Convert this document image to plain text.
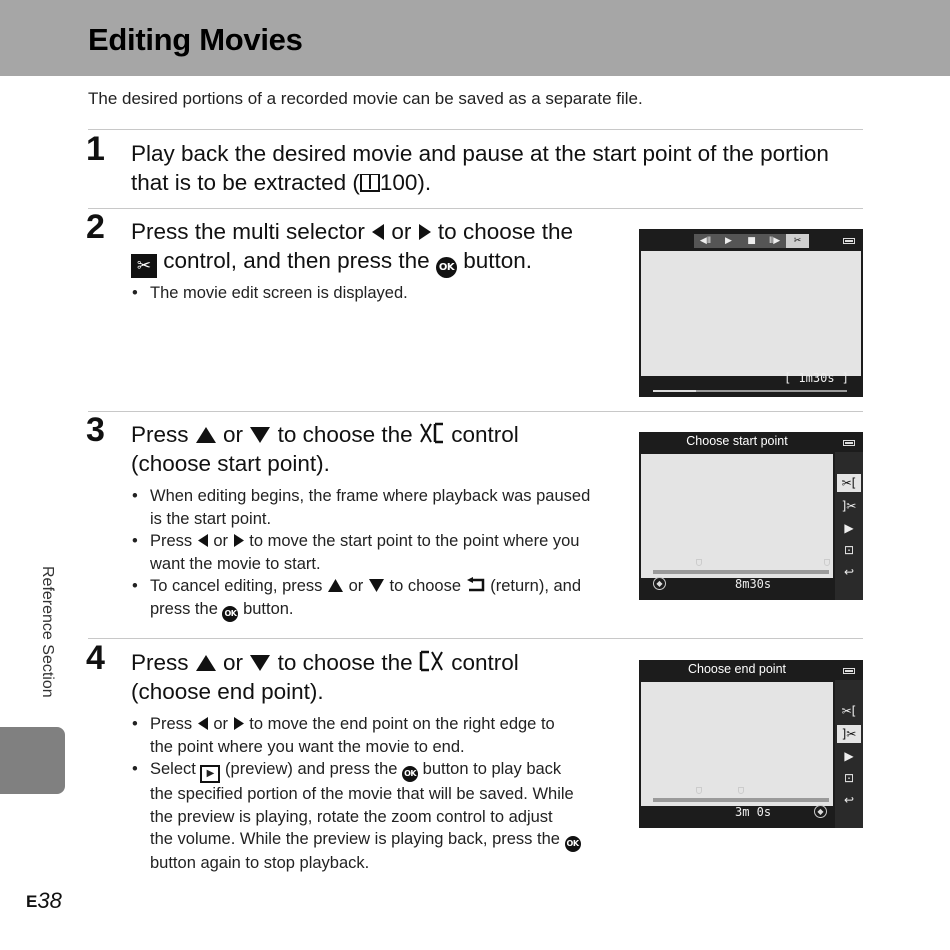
Editing Movies
The desired portions of a recorded movie can be saved as a separate file.
1 Play back the desired movie and pause at the start point of the portion
that is to be extracted ( 100).
2 Press the multi selector or to choose the
✂ control, and then press the OK button.
• The movie edit screen is displayed.
◀Ⅱ	▶	■	Ⅱ▶	✂
[ 1m30s ]
3 Press or to choose the control
(choose start point).
• When editing begins, the frame where playback was paused is the start point.
• Press or to move the start point to the point where you want the movie to start.
• To cancel editing, press or to choose (return), and
press the OK button.
Choose start point
✂[
]✂
▶
⊡
↩
◆	8m30s
4 Press or to choose the control
(choose end point).
• Press or to move the end point on the right edge to
the point where you want the movie to end.
• Select ▶ (preview) and press the OK button to play back
the specified portion of the movie that will be saved. While
the preview is playing, rotate the zoom control to adjust
the volume. While the preview is playing back, press the OK
button again to stop playback.
Choose end point
✂[
]✂
▶
⊡
↩
3m 0s	◆
Reference Section
E38
